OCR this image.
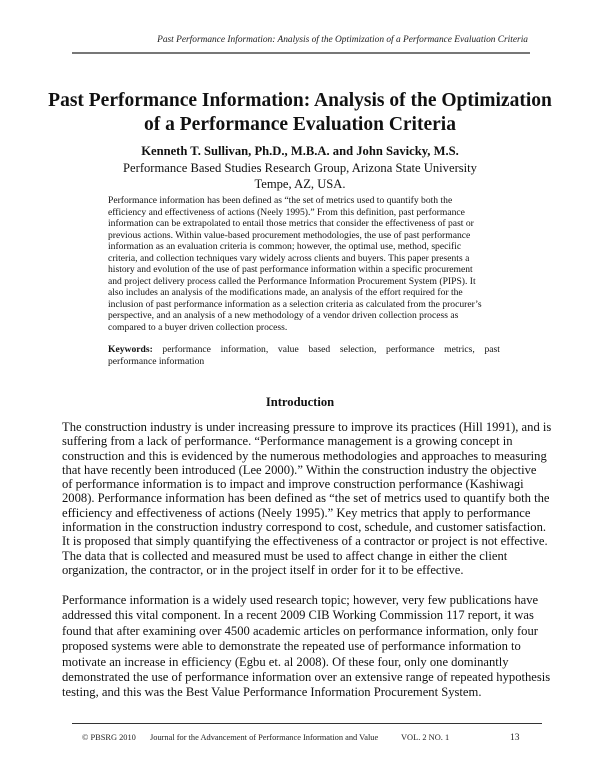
Past Performance Information: Analysis of the Optimization of a Performance Evaluation Criteria
Past Performance Information: Analysis of the Optimization
of a Performance Evaluation Criteria
Kenneth T. Sullivan, Ph.D., M.B.A. and John Savicky, M.S.
Performance Based Studies Research Group, Arizona State University
Tempe, AZ, USA.
Performance information has been defined as “the set of metrics used to quantify both the
efficiency and effectiveness of actions (Neely 1995).” From this definition, past performance
information can be extrapolated to entail those metrics that consider the effectiveness of past or
previous actions. Within value-based procurement methodologies, the use of past performance
information as an evaluation criteria is common; however, the optimal use, method, specific
criteria, and collection techniques vary widely across clients and buyers. This paper presents a
history and evolution of the use of past performance information within a specific procurement
and project delivery process called the Performance Information Procurement System (PIPS). It
also includes an analysis of the modifications made, an analysis of the effort required for the
inclusion of past performance information as a selection criteria as calculated from the procurer’s
perspective, and an analysis of a new methodology of a vendor driven collection process as
compared to a buyer driven collection process.
Keywords: performance information, value based selection, performance metrics, past
performance information
Introduction
The construction industry is under increasing pressure to improve its practices (Hill 1991), and is
suffering from a lack of performance. “Performance management is a growing concept in
construction and this is evidenced by the numerous methodologies and approaches to measuring
that have recently been introduced (Lee 2000).” Within the construction industry the objective
of performance information is to impact and improve construction performance (Kashiwagi
2008). Performance information has been defined as “the set of metrics used to quantify both the
efficiency and effectiveness of actions (Neely 1995).” Key metrics that apply to performance
information in the construction industry correspond to cost, schedule, and customer satisfaction.
It is proposed that simply quantifying the effectiveness of a contractor or project is not effective.
The data that is collected and measured must be used to affect change in either the client
organization, the contractor, or in the project itself in order for it to be effective.
Performance information is a widely used research topic; however, very few publications have
addressed this vital component. In a recent 2009 CIB Working Commission 117 report, it was
found that after examining over 4500 academic articles on performance information, only four
proposed systems were able to demonstrate the repeated use of performance information to
motivate an increase in efficiency (Egbu et. al 2008). Of these four, only one dominantly
demonstrated the use of performance information over an extensive range of repeated hypothesis
testing, and this was the Best Value Performance Information Procurement System.
© PBSRG 2010 Journal for the Advancement of Performance Information and Value	VOL. 2 NO. 1	13
